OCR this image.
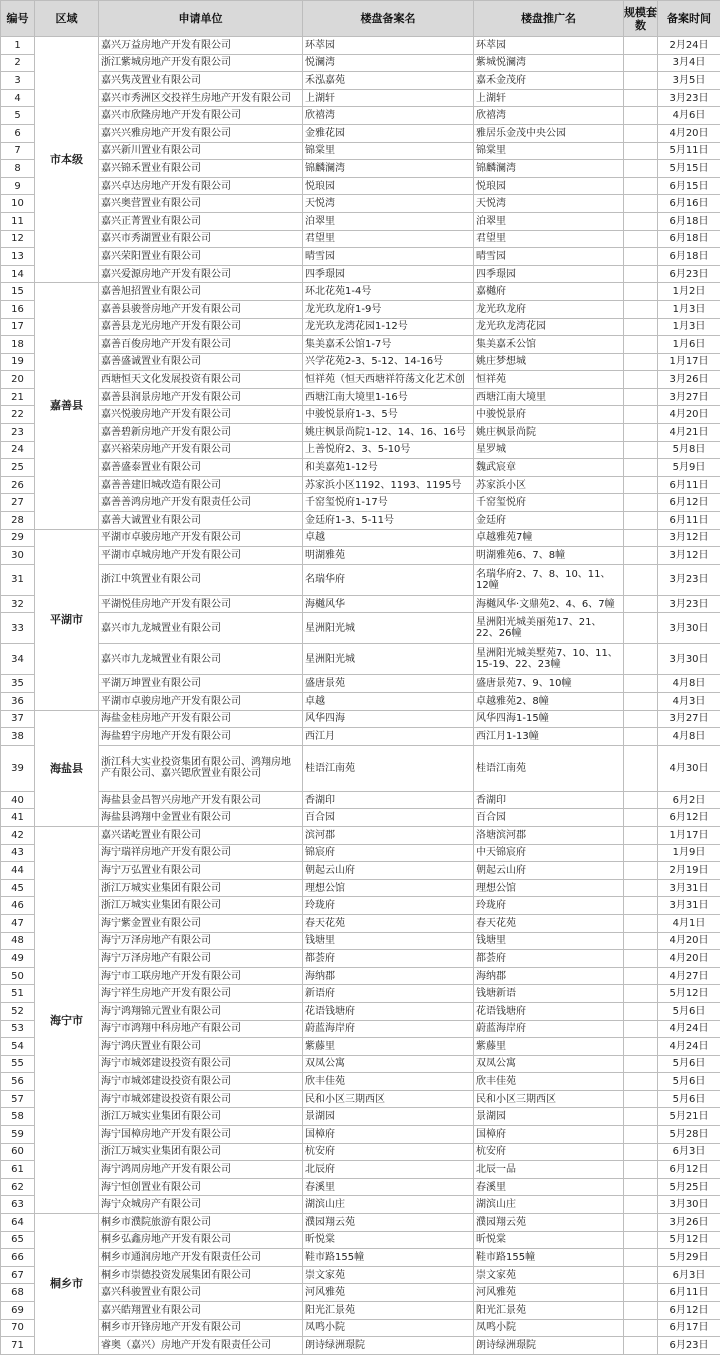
编号	区域	申请单位	楼盘备案名	楼盘推广名	规模套数	备案时间
1	市本级	嘉兴万益房地产开发有限公司	环萃园	环萃园		2月24日
2		浙江紫城房地产开发有限公司	悦澜湾	紫城悦澜湾		3月4日
3		嘉兴隽茂置业有限公司	禾泓嘉苑	嘉禾金茂府		3月5日
4		嘉兴市秀洲区交投祥生房地产开发有限公司	上湖轩	上湖轩		3月23日
5		嘉兴市欣隆房地产开发有限公司	欣禧湾	欣禧湾		4月6日
6		嘉兴兴雅房地产开发有限公司	金雅花园	雅居乐金茂中央公园		4月20日
7		嘉兴新川置业有限公司	锦棠里	锦棠里		5月11日
8		嘉兴锦禾置业有限公司	锦麟澜湾	锦麟澜湾		5月15日
9		嘉兴卓达房地产开发有限公司	悦琅园	悦琅园		6月15日
10		嘉兴奥营置业有限公司	天悦湾	天悦湾		6月16日
11		嘉兴正菁置业有限公司	泊翠里	泊翠里		6月18日
12		嘉兴市秀湖置业有限公司	君望里	君望里		6月18日
13		嘉兴荣阳置业有限公司	晴雪园	晴雪园		6月18日
14		嘉兴爱源房地产开发有限公司	四季璟园	四季璟园		6月23日
15	嘉善县	嘉善旭招置业有限公司	环北花苑1-4号	嘉樾府		1月2日
16		嘉善县骏誉房地产开发有限公司	龙光玖龙府1-9号	龙光玖龙府		1月3日
17		嘉善县龙光房地产开发有限公司	龙光玖龙湾花园1-12号	龙光玖龙湾花园		1月3日
18		嘉善百俊房地产开发有限公司	集美嘉禾公馆1-7号	集美嘉禾公馆		1月6日
19		嘉善盛诚置业有限公司	兴学花苑2-3、5-12、14-16号	姚庄梦想城		1月17日
20		西塘恒天文化发展投资有限公司	恒祥苑（恒天西塘祥符荡文化艺术创	恒祥苑		3月26日
21		嘉善县润景房地产开发有限公司	西塘江南大境里1-16号	西塘江南大境里		3月27日
22		嘉兴悦骏房地产开发有限公司	中骏悦景府1-3、5号	中骏悦景府		4月20日
23		嘉善碧新房地产开发有限公司	姚庄枫景尚院1-12、14、16、16号	姚庄枫景尚院		4月21日
24		嘉兴裕荣房地产开发有限公司	上善悦府2、3、5-10号	星罗城		5月8日
25		嘉善盛泰置业有限公司	和美嘉苑1-12号	魏武宸章		5月9日
26		嘉善善建旧城改造有限公司	苏家浜小区1192、1193、1195号	苏家浜小区		6月11日
27		嘉善善鸿房地产开发有限责任公司	千窑玺悦府1-17号	千窑玺悦府		6月12日
28		嘉善大诚置业有限公司	金廷府1-3、5-11号	金廷府		6月11日
29	平湖市	平湖市卓骏房地产开发有限公司	卓越	卓越雅苑7幢		3月12日
30		平湖市卓城房地产开发有限公司	明湖雅苑	明湖雅苑6、7、8幢		3月12日
31		浙江中筑置业有限公司	名瑞华府	名瑞华府2、7、8、10、11、12幢		3月23日
32		平湖悦佳房地产开发有限公司	海樾风华	海樾风华·文鼎苑2、4、6、7幢		3月23日
33		嘉兴市九龙城置业有限公司	星洲阳光城	星洲阳光城美丽苑17、21、22、26幢		3月30日
34		嘉兴市九龙城置业有限公司	星洲阳光城	星洲阳光城美墅苑7、10、11、15-19、22、23幢		3月30日
35		平湖万坤置业有限公司	盛唐景苑	盛唐景苑7、9、10幢		4月8日
36		平湖市卓骏房地产开发有限公司	卓越	卓越雅苑2、8幢		4月3日
37	海盐县	海盐金桂房地产开发有限公司	风华四海	风华四海1-15幢		3月27日
38		海盐碧宇房地产开发有限公司	西江月	西江月1-13幢		4月8日
39		浙江科大实业投资集团有限公司、鸿翔房地产有限公司、嘉兴锶欣置业有限公司	桂语江南苑	桂语江南苑		4月30日
40		海盐县金昌智兴房地产开发有限公司	香湖印	香湖印		6月2日
41		海盐县鸿翔中金置业有限公司	百合园	百合园		6月12日
42	海宁市	嘉兴诺屹置业有限公司	滨河郡	洛塘滨河郡		1月17日
43		海宁瑞祥房地产开发有限公司	锦宸府	中天锦宸府		1月9日
44		海宁万弘置业有限公司	朝起云山府	朝起云山府		2月19日
45		浙江万城实业集团有限公司	理想公馆	理想公馆		3月31日
46		浙江万城实业集团有限公司	玲珑府	玲珑府		3月31日
47		海宁紫金置业有限公司	春天花苑	春天花苑		4月1日
48		海宁万泽房地产有限公司	钱塘里	钱塘里		4月20日
49		海宁万泽房地产有限公司	都荟府	都荟府		4月20日
50		海宁市工联房地产开发有限公司	海纳郡	海纳郡		4月27日
51		海宁祥生房地产开发有限公司	新语府	钱塘新语		5月12日
52		海宁鸿翔锦元置业有限公司	花语钱塘府	花语钱塘府		5月6日
53		海宁市鸿翔中科房地产有限公司	蔚蓝海岸府	蔚蓝海岸府		4月24日
54		海宁鸿庆置业有限公司	紫藤里	紫藤里		4月24日
55		海宁市城郊建设投资有限公司	双凤公寓	双凤公寓		5月6日
56		海宁市城郊建设投资有限公司	欣丰佳苑	欣丰佳苑		5月6日
57		海宁市城郊建设投资有限公司	民和小区三期西区	民和小区三期西区		5月6日
58		浙江万城实业集团有限公司	景湖园	景湖园		5月21日
59		海宁国樟房地产开发有限公司	国樟府	国樟府		5月28日
60		浙江万城实业集团有限公司	杭安府	杭安府		6月3日
61		海宁鸿周房地产开发有限公司	北辰府	北辰一品		6月12日
62		海宁恒创置业有限公司	春溪里	春溪里		5月25日
63		海宁众城房产有限公司	湖滨山庄	湖滨山庄		3月30日
64	桐乡市	桐乡市濮院旅游有限公司	濮园翔云苑	濮园翔云苑		3月26日
65		桐乡弘鑫房地产开发有限公司	昕悦棠	昕悦棠		5月12日
66		桐乡市通润房地产开发有限责任公司	鞋市路155幢	鞋市路155幢		5月29日
67		桐乡市崇德投资发展集团有限公司	崇文家苑	崇文家苑		6月3日
68		嘉兴科骏置业有限公司	河风雅苑	河风雅苑		6月11日
69		嘉兴皓翔置业有限公司	阳光汇景苑	阳光汇景苑		6月12日
70		桐乡市开锋房地产开发有限公司	凤鸣小院	凤鸣小院		6月17日
71		睿奥（嘉兴）房地产开发有限责任公司	朗诗绿洲璟院	朗诗绿洲璟院		6月23日
